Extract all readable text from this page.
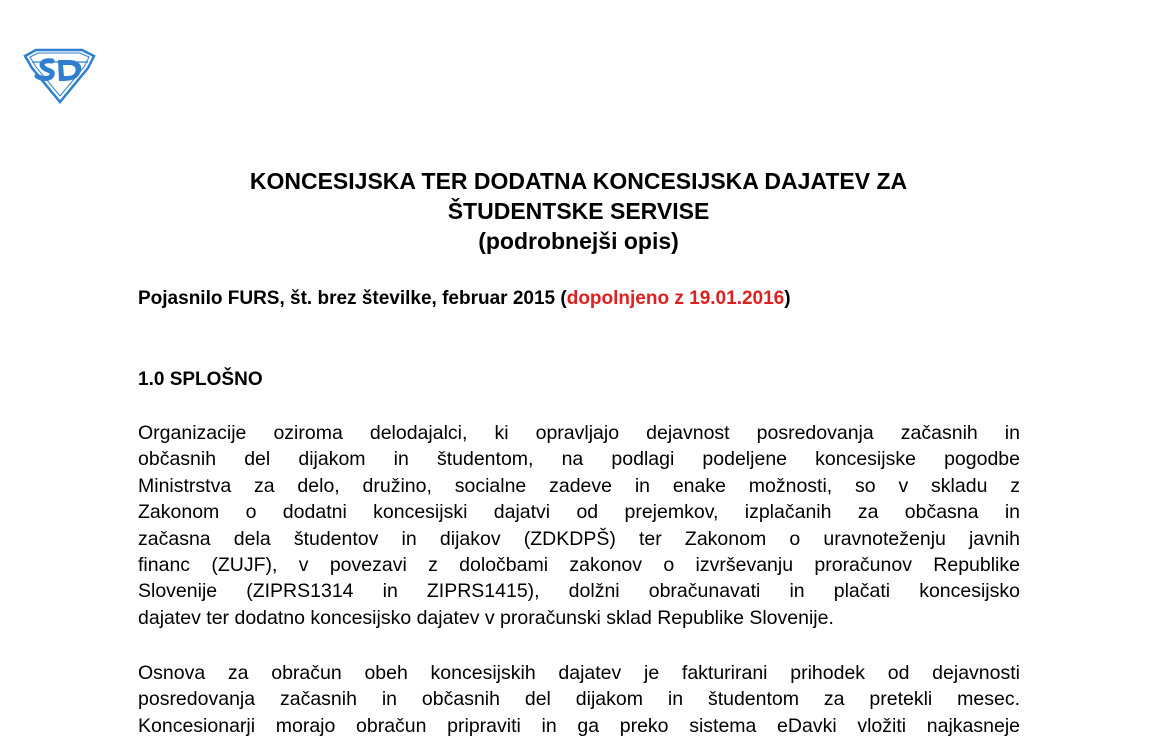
KONCESIJSKA TER DODATNA KONCESIJSKA DAJATEV ZA
ŠTUDENTSKE SERVISE
(podrobnejši opis)

Pojasnilo FURS, št. brez številke, februar 2015 (dopolnjeno z 19.01.2016)

1.0 SPLOŠNO

Organizacije oziroma delodajalci, ki opravljajo dejavnost posredovanja začasnih in
občasnih del dijakom in študentom, na podlagi podeljene koncesijske pogodbe
Ministrstva za delo, družino, socialne zadeve in enake možnosti, so v skladu z
Zakonom o dodatni koncesijski dajatvi od prejemkov, izplačanih za občasna in
začasna dela študentov in dijakov (ZDKDPŠ) ter Zakonom o uravnoteženju javnih
financ (ZUJF), v povezavi z določbami zakonov o izvrševanju proračunov Republike
Slovenije (ZIPRS1314 in ZIPRS1415), dolžni obračunavati in plačati koncesijsko
dajatev ter dodatno koncesijsko dajatev v proračunski sklad Republike Slovenije.

Osnova za obračun obeh koncesijskih dajatev je fakturirani prihodek od dejavnosti
posredovanja začasnih in občasnih del dijakom in študentom za pretekli mesec.
Koncesionarji morajo obračun pripraviti in ga preko sistema eDavki vložiti najkasneje
